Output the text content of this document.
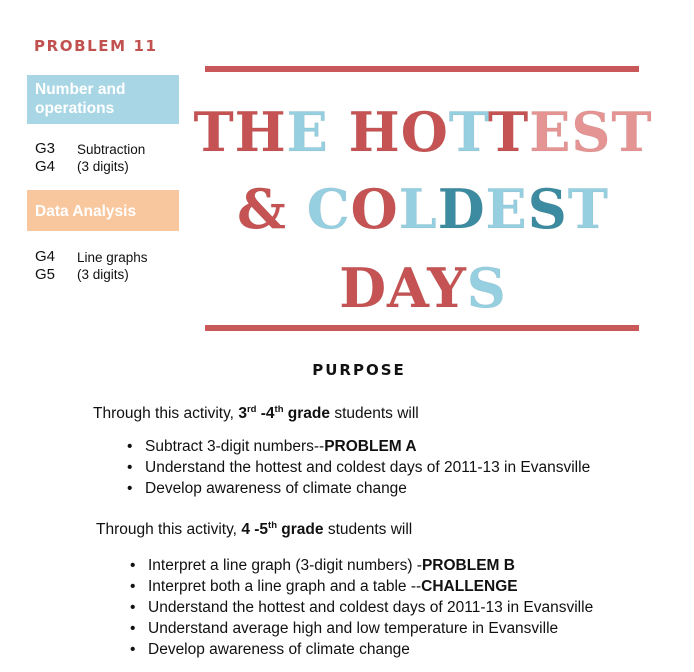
PROBLEM 11
Number and operations
G3
G4
Subtraction
(3 digits)
Data Analysis
G4
G5
Line graphs
(3 digits)
THE HOTTEST
& COLDEST
DAYS
PURPOSE
Through this activity, 3rd -4th grade students will
• Subtract 3-digit numbers--PROBLEM A
• Understand the hottest and coldest days of 2011-13 in Evansville
• Develop awareness of climate change
Through this activity, 4 -5th grade students will
• Interpret a line graph (3-digit numbers) -PROBLEM B
• Interpret both a line graph and a table --CHALLENGE
• Understand the hottest and coldest days of 2011-13 in Evansville
• Understand average high and low temperature in Evansville
• Develop awareness of climate change
